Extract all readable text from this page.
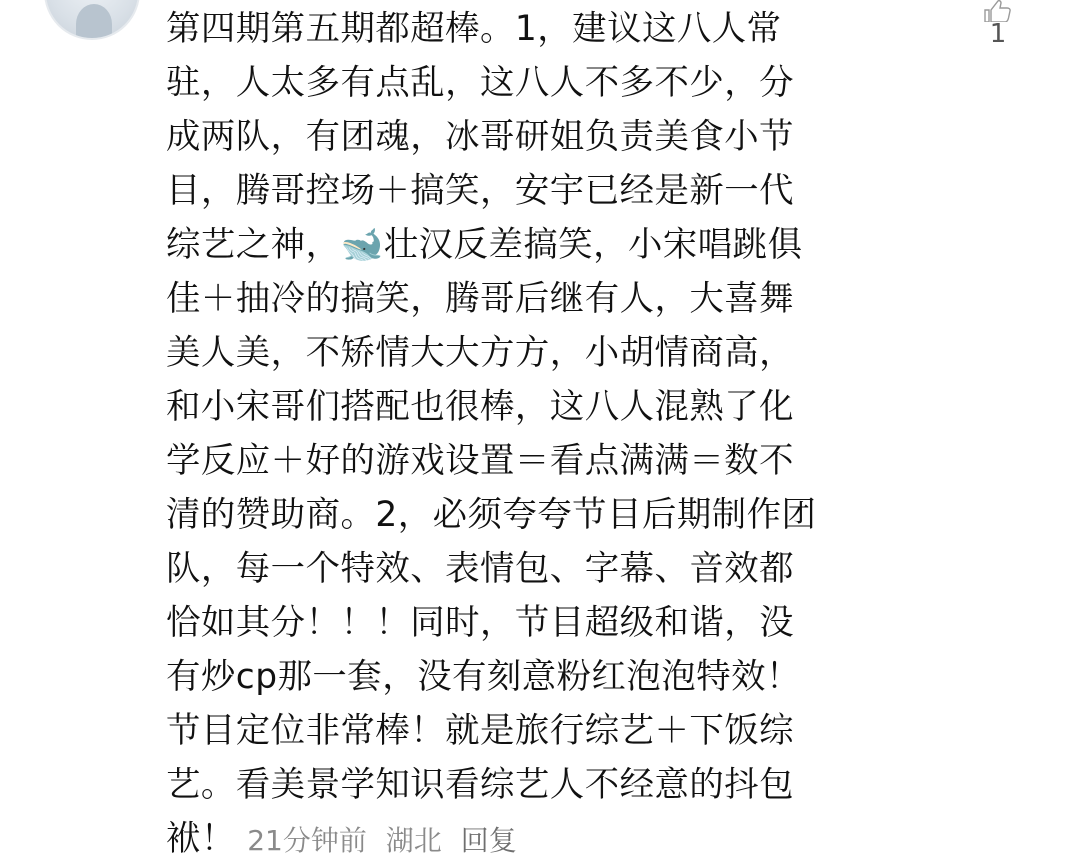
1
第四期第五期都超棒。1，建议这八人常
驻，人太多有点乱，这八人不多不少，分
成两队，有团魂，冰哥研姐负责美食小节
目，腾哥控场＋搞笑，安宇已经是新一代
综艺之神，🐋壮汉反差搞笑，小宋唱跳俱
佳＋抽冷的搞笑，腾哥后继有人，大喜舞
美人美，不矫情大大方方，小胡情商高，
和小宋哥们搭配也很棒，这八人混熟了化
学反应＋好的游戏设置＝看点满满＝数不
清的赞助商。2，必须夸夸节目后期制作团
队，每一个特效、表情包、字幕、音效都
恰如其分！！！同时，节目超级和谐，没
有炒cp那一套，没有刻意粉红泡泡特效！
节目定位非常棒！就是旅行综艺＋下饭综
艺。看美景学知识看综艺人不经意的抖包
袱！ 21分钟前 湖北 回复
